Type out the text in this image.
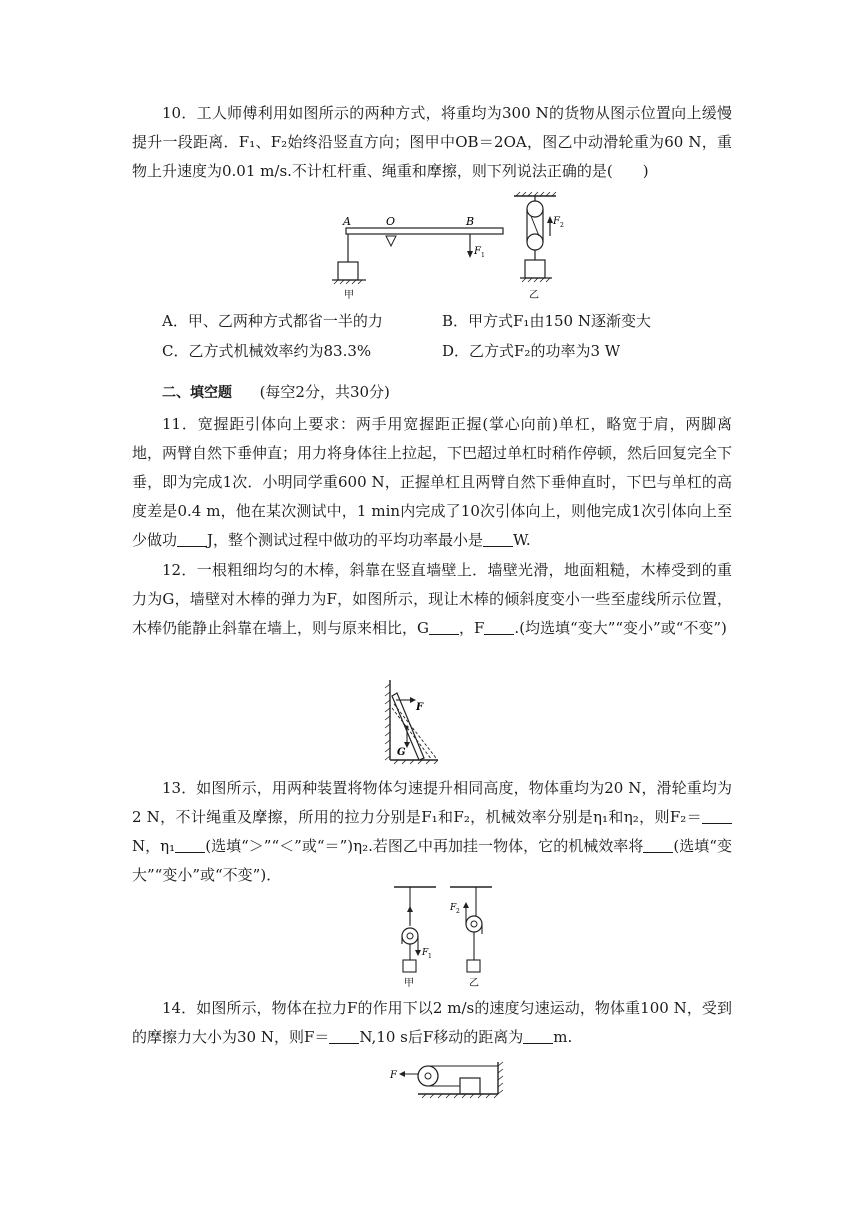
10．工人师傅利用如图所示的两种方式，将重均为300 N的货物从图示位置向上缓慢提升一段距离．F₁、F₂始终沿竖直方向；图甲中OB＝2OA，图乙中动滑轮重为60 N，重物上升速度为0.01 m/s.不计杠杆重、绳重和摩擦，则下列说法正确的是(　　)

A	O	B
F 1
甲
F 2
乙
A．甲、乙两种方式都省一半的力	B．甲方式F₁由150 N逐渐变大
C．乙方式机械效率约为83.3%	D．乙方式F₂的功率为3 W
二、填空题 (每空2分，共30分)

11．宽握距引体向上要求：两手用宽握距正握(掌心向前)单杠，略宽于肩，两脚离地，两臂自然下垂伸直；用力将身体往上拉起，下巴超过单杠时稍作停顿，然后回复完全下垂，即为完成1次．小明同学重600 N，正握单杠且两臂自然下垂伸直时，下巴与单杠的高度差是0.4 m，他在某次测试中，1 min内完成了10次引体向上，则他完成1次引体向上至少做功 J，整个测试过程中做功的平均功率最小是 W.

12．一根粗细均匀的木棒，斜靠在竖直墙壁上．墙壁光滑，地面粗糙，木棒受到的重力为G，墙壁对木棒的弹力为F，如图所示，现让木棒的倾斜度变小一些至虚线所示位置，木棒仍能静止斜靠在墙上，则与原来相比，G ，F .(均选填“变大”“变小”或“不变”)

F
G

13．如图所示，用两种装置将物体匀速提升相同高度，物体重均为20 N，滑轮重均为2 N，不计绳重及摩擦，所用的拉力分别是F₁和F₂，机械效率分别是η₁和η₂，则F₂＝N，η₁ (选填“＞”“＜”或“＝”)η₂.若图乙中再加挂一物体，它的机械效率将 (选填“变大”“变小”或“不变”)．

F 1
甲
F 2
乙

14．如图所示，物体在拉力F的作用下以2 m/s的速度匀速运动，物体重100 N，受到的摩擦力大小为30 N，则F＝ N,10 s后F移动的距离为 m.

F
